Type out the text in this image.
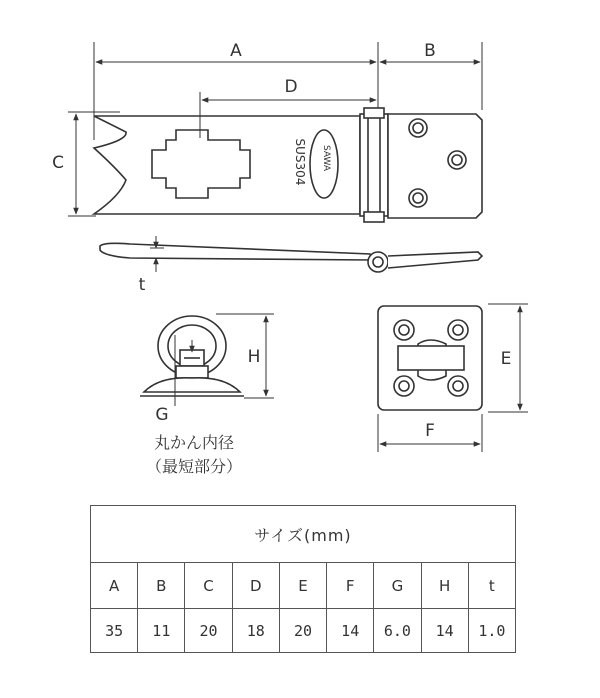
SAWA
SUS304
A	B
D
C
t
G
H	E
F
丸かん内径
（最短部分）
サイズ(mm)								
A	B	C	D	E	F	G	H	t
35	11	20	18	20	14	6.0	14	1.0
